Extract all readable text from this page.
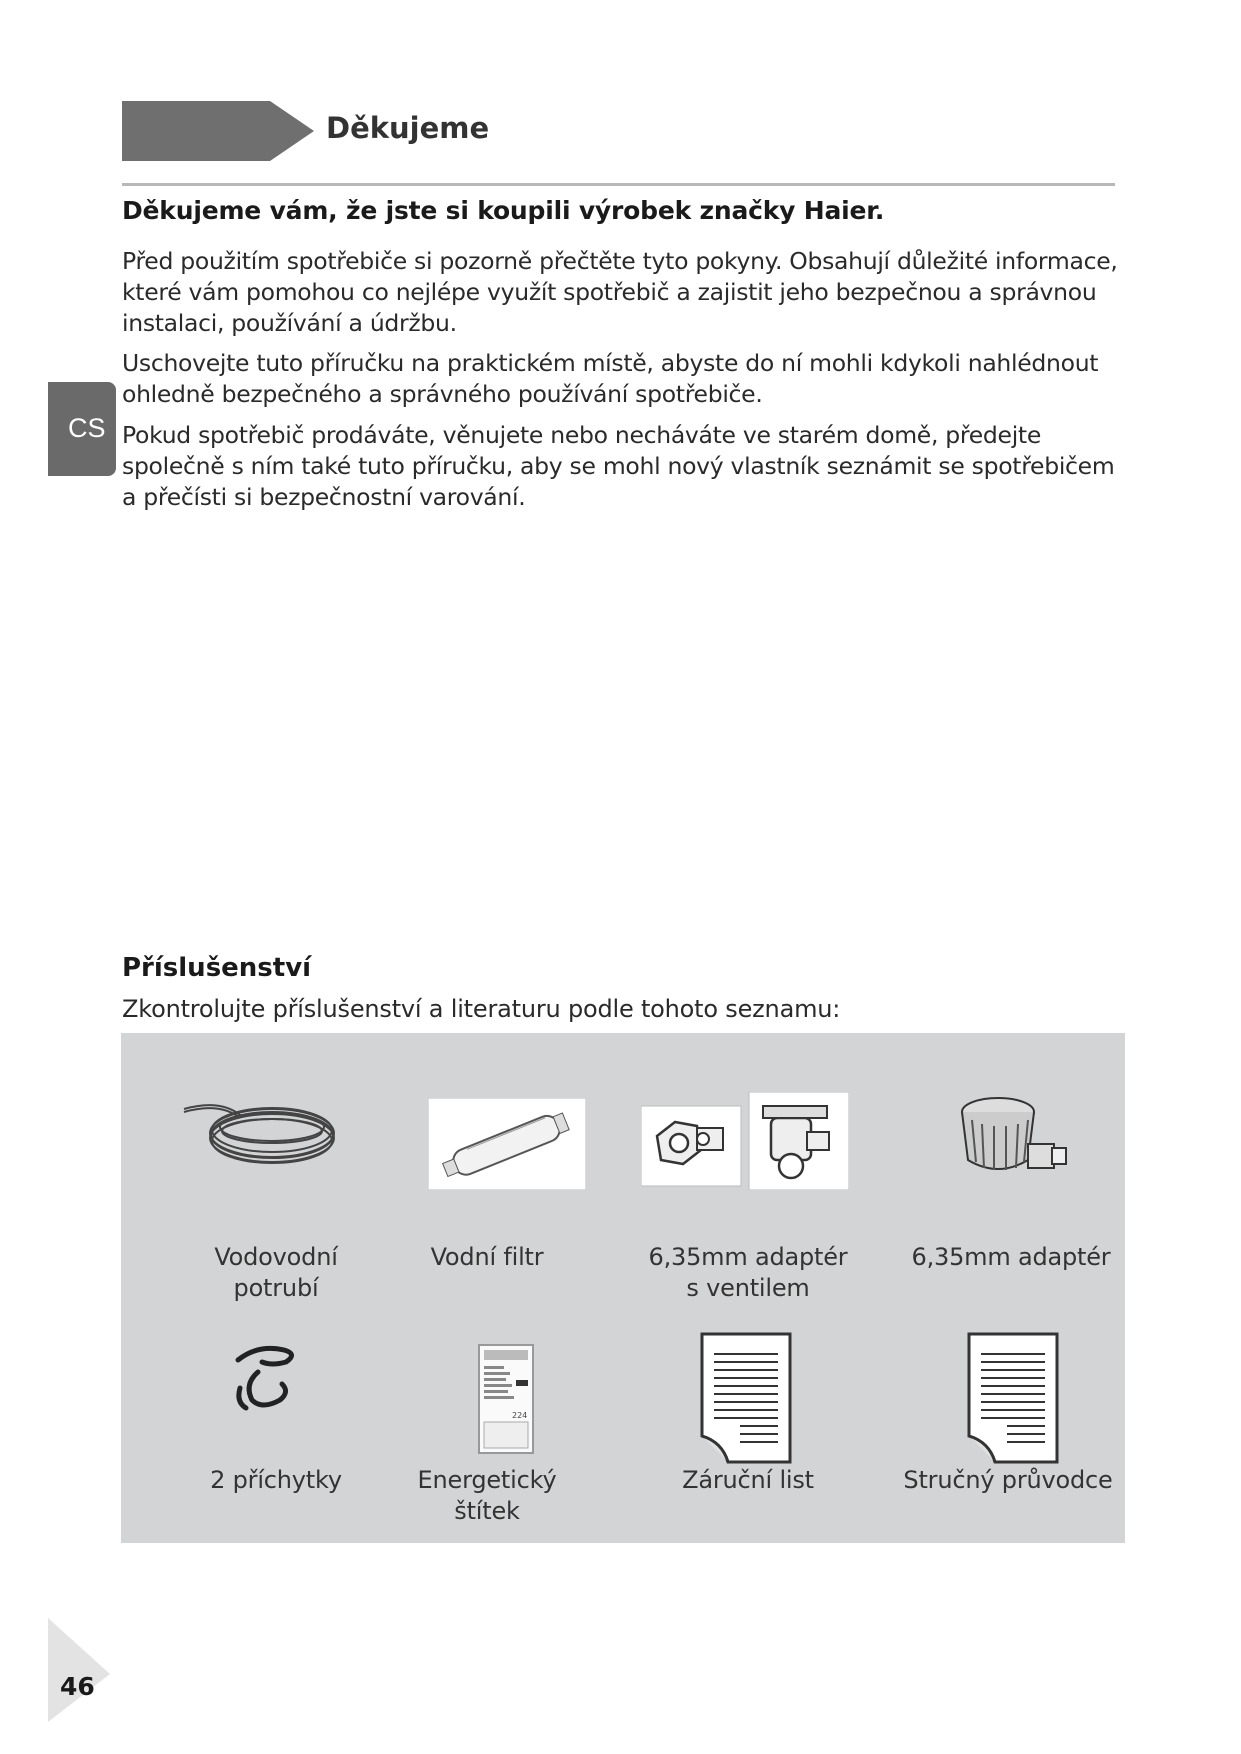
Děkujeme
Děkujeme vám, že jste si koupili výrobek značky Haier.

Před použitím spotřebiče si pozorně přečtěte tyto pokyny. Obsahují důležité informace,
které vám pomohou co nejlépe využít spotřebič a zajistit jeho bezpečnou a správnou
instalaci, používání a údržbu.

Uschovejte tuto příručku na praktickém místě, abyste do ní mohli kdykoli nahlédnout
ohledně bezpečného a správného používání spotřebiče.

Pokud spotřebič prodáváte, věnujete nebo necháváte ve starém domě, předejte
společně s ním také tuto příručku, aby se mohl nový vlastník seznámit se spotřebičem
a přečísti si bezpečnostní varování.

CS
Příslušenství

Zkontrolujte příslušenství a literaturu podle tohoto seznamu:

224
Vodovodní
potrubí
Vodní filtr	6,35mm adaptér
s ventilem
6,35mm adaptér
2 příchytky	Energetický
štítek
Záruční list	Stručný průvodce
46
